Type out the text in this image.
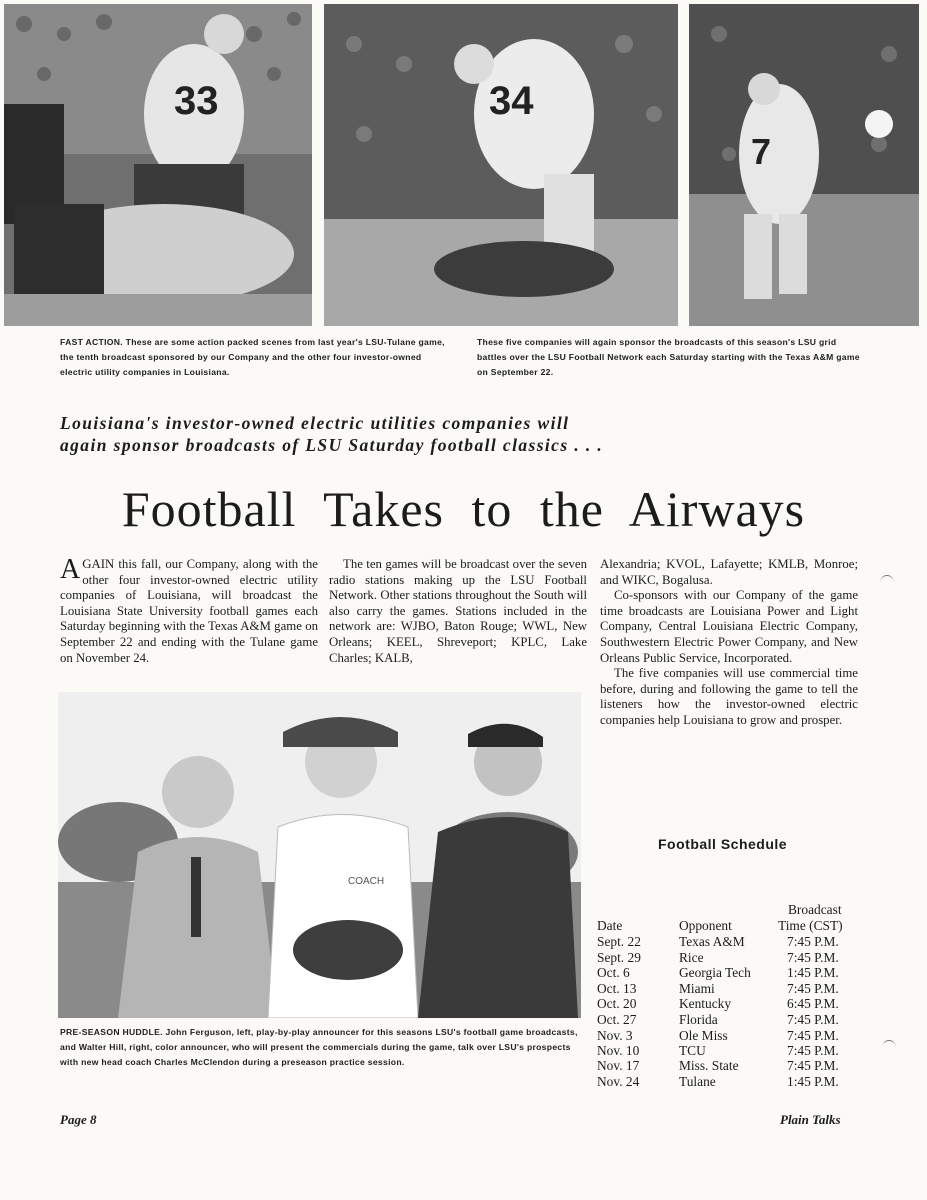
33	34
7
FAST ACTION. These are some action packed scenes from last year's LSU-Tulane game, the tenth broadcast sponsored by our Company and the other four investor-owned electric utility companies in Louisiana.
These five companies will again sponsor the broadcasts of this season's LSU grid battles over the LSU Football Network each Saturday starting with the Texas A&M game on September 22.
Louisiana's investor-owned electric utilities companies will again sponsor broadcasts of LSU Saturday football classics . . .
Football Takes to the Airways

AGAIN this fall, our Company, along with the other four investor-owned electric utility companies of Louisiana, will broadcast the Louisiana State University football games each Saturday beginning with the Texas A&M game on September 22 and ending with the Tulane game on November 24.

The ten games will be broadcast over the seven radio stations making up the LSU Football Network. Other stations throughout the South will also carry the games. Stations included in the network are: WJBO, Baton Rouge; WWL, New Orleans; KEEL, Shreveport; KPLC, Lake Charles; KALB,

Alexandria; KVOL, Lafayette; KMLB, Monroe; and WIKC, Bogalusa.

Co-sponsors with our Company of the game time broadcasts are Louisiana Power and Light Company, Central Louisiana Electric Company, Southwestern Electric Power Company, and New Orleans Public Service, Incorporated.

The five companies will use commercial time before, during and following the game to tell the listeners how the investor-owned electric companies help Louisiana to grow and prosper.

COACH
PRE-SEASON HUDDLE. John Ferguson, left, play-by-play announcer for this seasons LSU's football game broadcasts, and Walter Hill, right, color announcer, who will present the commercials during the game, talk over LSU's prospects with new head coach Charles McClendon during a preseason practice session.
Football Schedule
Broadcast
Date	Opponent	Time (CST)
Sept. 22	Texas A&M	7:45 P.M.
Sept. 29	Rice	7:45 P.M.
Oct. 6	Georgia Tech	1:45 P.M.
Oct. 13	Miami	7:45 P.M.
Oct. 20	Kentucky	6:45 P.M.
Oct. 27	Florida	7:45 P.M.
Nov. 3	Ole Miss	7:45 P.M.
Nov. 10	TCU	7:45 P.M.
Nov. 17	Miss. State	7:45 P.M.
Nov. 24	Tulane	1:45 P.M.
Page 8	Plain Talks
